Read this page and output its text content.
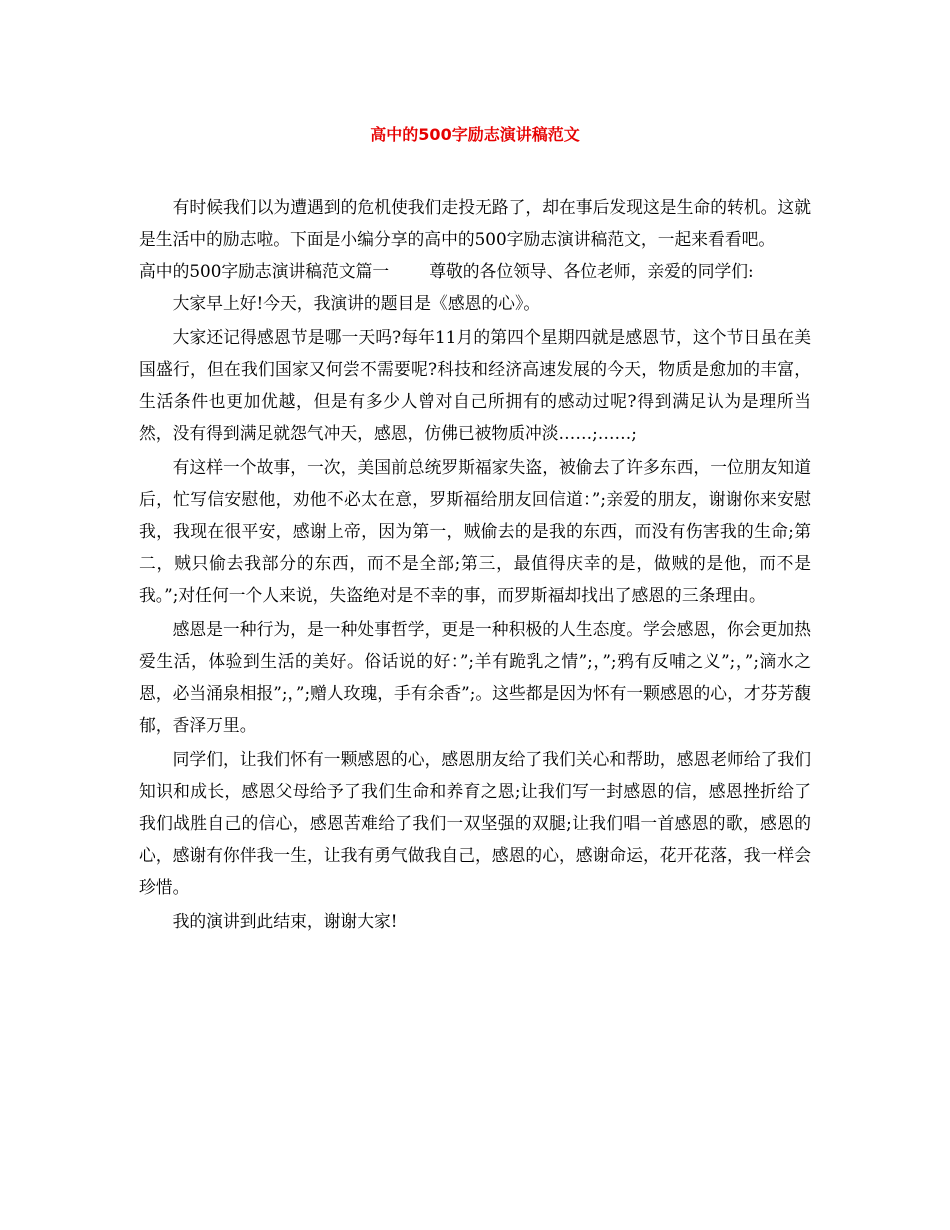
高中的500字励志演讲稿范文

有时候我们以为遭遇到的危机使我们走投无路了，却在事后发现这是生命的转机。这就是生活中的励志啦。下面是小编分享的高中的500字励志演讲稿范文，一起来看看吧。

高中的500字励志演讲稿范文篇一 尊敬的各位领导、各位老师，亲爱的同学们:

大家早上好!今天，我演讲的题目是《感恩的心》。

大家还记得感恩节是哪一天吗?每年11月的第四个星期四就是感恩节，这个节日虽在美国盛行，但在我们国家又何尝不需要呢?科技和经济高速发展的今天，物质是愈加的丰富，生活条件也更加优越，但是有多少人曾对自己所拥有的感动过呢?得到满足认为是理所当然，没有得到满足就怨气冲天，感恩，仿佛已被物质冲淡……;……;

有这样一个故事，一次，美国前总统罗斯福家失盗，被偷去了许多东西，一位朋友知道后，忙写信安慰他，劝他不必太在意，罗斯福给朋友回信道：”;亲爱的朋友，谢谢你来安慰我，我现在很平安，感谢上帝，因为第一，贼偷去的是我的东西，而没有伤害我的生命;第二，贼只偷去我部分的东西，而不是全部;第三，最值得庆幸的是，做贼的是他，而不是我。”;对任何一个人来说，失盗绝对是不幸的事，而罗斯福却找出了感恩的三条理由。

感恩是一种行为，是一种处事哲学，更是一种积极的人生态度。学会感恩，你会更加热爱生活，体验到生活的美好。俗话说的好：”;羊有跪乳之情”;，”;鸦有反哺之义”;，”;滴水之恩，必当涌泉相报”;，”;赠人玫瑰，手有余香”;。这些都是因为怀有一颗感恩的心，才芬芳馥郁，香泽万里。

同学们，让我们怀有一颗感恩的心，感恩朋友给了我们关心和帮助，感恩老师给了我们知识和成长，感恩父母给予了我们生命和养育之恩;让我们写一封感恩的信，感恩挫折给了我们战胜自己的信心，感恩苦难给了我们一双坚强的双腿;让我们唱一首感恩的歌，感恩的心，感谢有你伴我一生，让我有勇气做我自己，感恩的心，感谢命运，花开花落，我一样会珍惜。

我的演讲到此结束，谢谢大家!
